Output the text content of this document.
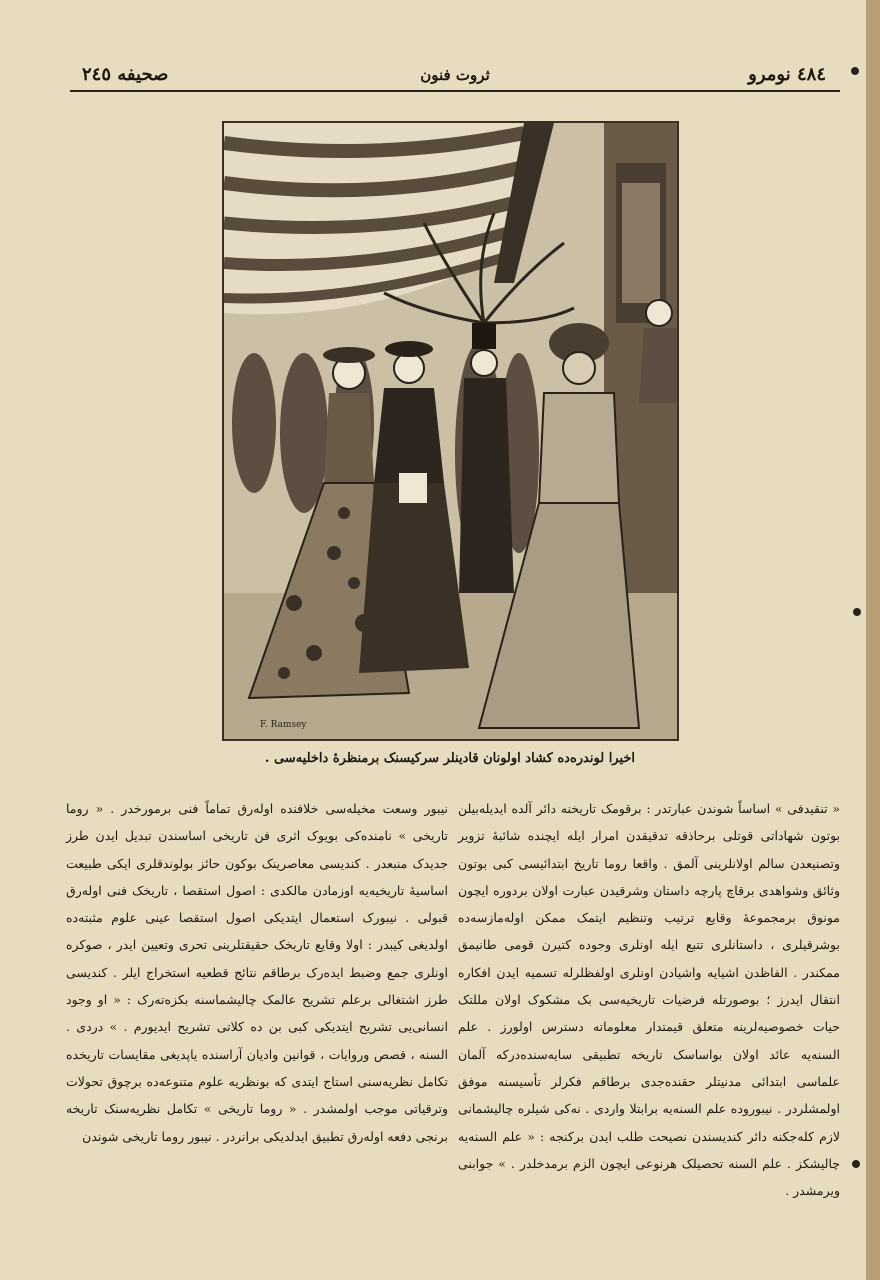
٤٨٤ نومرو
ثروت فنون
صحیفه ٢٤٥
F. Ramsey
اخیرا لوندره‌ده کشاد اولونان قادینلر سرکیسنک برمنظرۀ داخلیه‌سی .

« تنقیدفی » اساساً شوندن عبارتدر : برقومک تاریخنه دائر آلده ایدیله‌بیلن بوتون شهاداتی قوتلی برحاذقه تدقیقدن امرار ایله ایچنده شائبهٔ تزویر وتصنیعدن سالم اولانلرینی آلمق . واقعا روما تاریخ ابتدائیسی کبی بوتون وثائق وشواهدی برقاچ پارچه داستان وشرقیدن عبارت اولان بردوره ایچون مونوق برمجموعهٔ وقایع ترتیب وتنظیم ایتمک ممکن اوله‌مازسه‌ده بوشرقیلری ، داستانلری تتبع ایله اونلری وجوده کتیرن قومی طانیمق ممکندر . الفاظدن اشیایه واشیادن اونلری اولفظلرله تسمیه ایدن افکاره انتقال ایدرز ؛ بوصورتله فرضیات تاریخیه‌سی بک مشکوک اولان مللتک حیات خصوصیه‌لرینه متعلق قیمتدار معلوماته دسترس اولورز . علم السنه‌یه عائد اولان بواساسک تاریخه تطبیقی سایه‌سنده‌درکه آلمان علماسی ابتدائی مدنیتلر حقنده‌جدی برطاقم فکرلر تأسیسنه موفق اولمشلردر . نیبوروده علم السنه‌یه برابتلا واردی . نه‌کی شیلره چالیشمانی لازم کله‌جکنه دائر کندیسندن نصیحت طلب ایدن برکنجه : « علم السنه‌یه چالیشکز . علم السنه تحصیلک هرنوعی ایچون الزم برمدخلدر . » جوابنی ویرمشدر .

نیبور وسعت مخیله‌سی خلافنده اوله‌رق تماماً فنی برمورخدر . « روما تاریخی » نامنده‌کی بویوک اثری فن تاریخی اساسندن تبدیل ایدن طرز جدیدک منبعدر . کندیسی معاصرینک بوکون حائز بولوندقلری ایکی طبیعت اساسیهٔ تاریخیه‌یه اوزمادن مالکدی : اصول استقصا ، تاریخک فنی اوله‌رق قبولی . نیبورک استعمال ایتدیکی اصول استقصا عینی علوم مثبته‌ده اولدیغی کیبدر : اولا وقایع تاریخک حقیقتلرینی تحری وتعیین ایدر ، صوکره اونلری جمع وضبط ایده‌رک برطاقم نتائج قطعیه استخراج ایلر . کندیسی طرز اشتغالی برعلم تشریح عالمک چالیشماسنه بکزه‌ته‌رک : « او وجود انسانی‌یی تشریح ایتدیکی کبی بن ده کلاتی تشریح ایدیورم . » دردی . السنه ، قصص وروایات ، قوانین وادیان آراسنده یاپدیغی مقایسات تاریخده تکامل نظریه‌سنی استاج ایتدی که بونظریه علوم متنوعه‌ده برچوق تحولات وترقیاتی موجب اولمشدر . « روما تاریخی » تکامل نظریه‌سنک تاریخه برنجی دفعه اوله‌رق تطبیق ایدلدیکی برانردر . نیبور روما تاریخی شوندن
